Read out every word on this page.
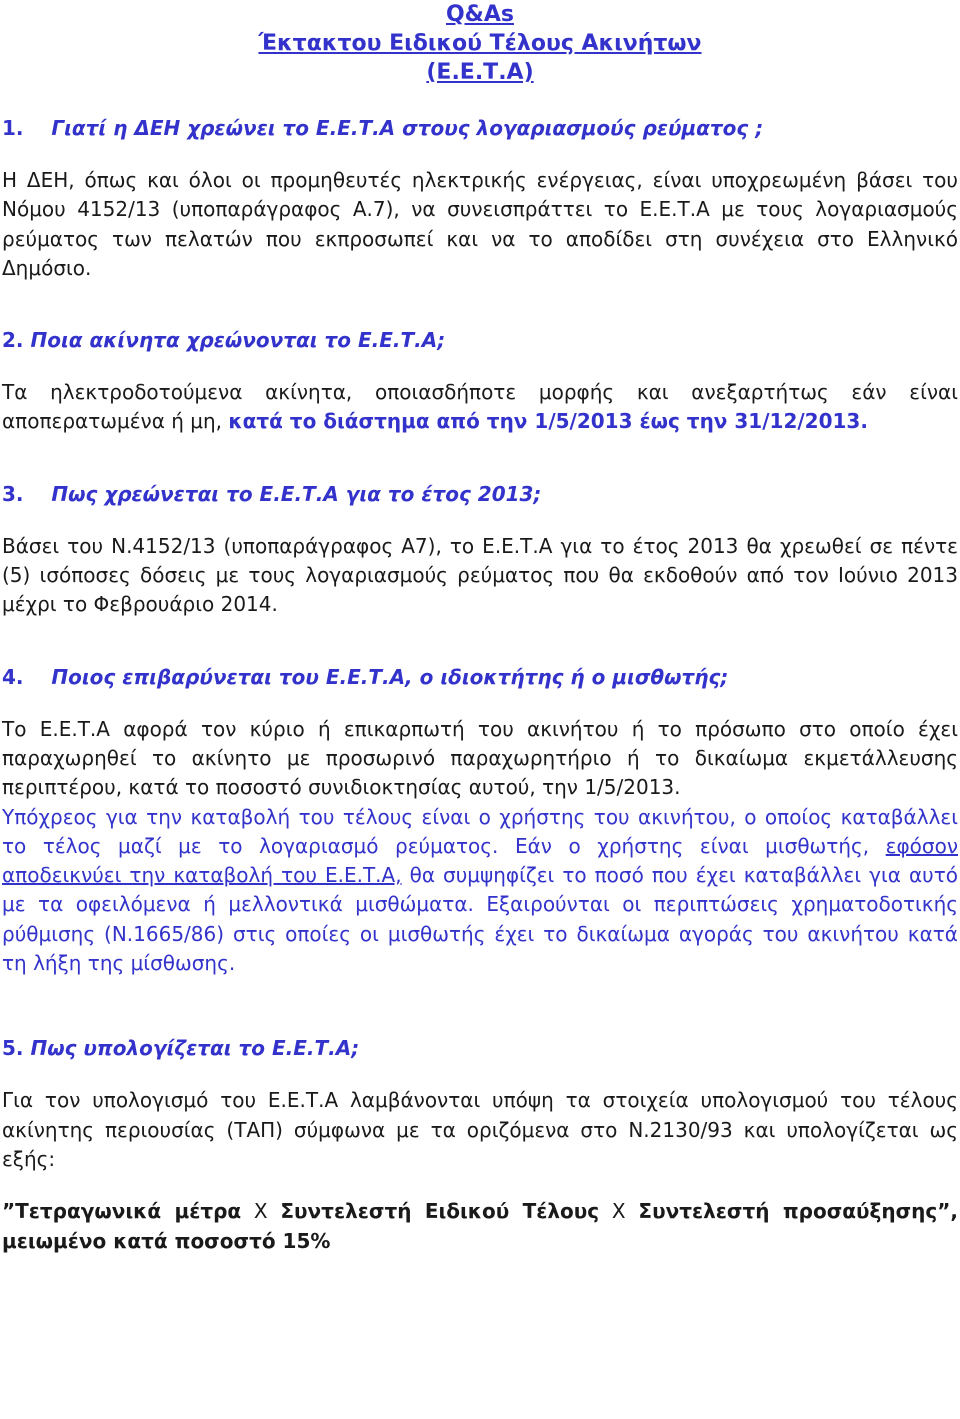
Q&As
Έκτακτου Ειδικού Τέλους Ακινήτων
(Ε.Ε.Τ.Α)
1. Γιατί η ΔΕΗ χρεώνει το Ε.Ε.Τ.Α στους λογαριασμούς ρεύματος ;

Η ΔΕΗ, όπως και όλοι οι προμηθευτές ηλεκτρικής ενέργειας, είναι υποχρεωμένη βάσει του Νόμου 4152/13 (υποπαράγραφος Α.7), να συνεισπράττει το Ε.Ε.Τ.Α με τους λογαριασμούς ρεύματος των πελατών που εκπροσωπεί και να το αποδίδει στη συνέχεια στο Ελληνικό Δημόσιο.

2. Ποια ακίνητα χρεώνονται το Ε.Ε.Τ.Α;

Τα ηλεκτροδοτούμενα ακίνητα, οποιασδήποτε μορφής και ανεξαρτήτως εάν είναι αποπερατωμένα ή μη, κατά το διάστημα από την 1/5/2013 έως την 31/12/2013.

3. Πως χρεώνεται το Ε.Ε.Τ.Α για το έτος 2013;

Βάσει του Ν.4152/13 (υποπαράγραφος Α7), το Ε.Ε.Τ.Α για το έτος 2013 θα χρεωθεί σε πέντε (5) ισόποσες δόσεις με τους λογαριασμούς ρεύματος που θα εκδοθούν από τον Ιούνιο 2013 μέχρι το Φεβρουάριο 2014.

4. Ποιος επιβαρύνεται του Ε.Ε.Τ.Α, ο ιδιοκτήτης ή ο μισθωτής;

Το Ε.Ε.Τ.Α αφορά τον κύριο ή επικαρπωτή του ακινήτου ή το πρόσωπο στο οποίο έχει παραχωρηθεί το ακίνητο με προσωρινό παραχωρητήριο ή το δικαίωμα εκμετάλλευσης περιπτέρου, κατά το ποσοστό συνιδιοκτησίας αυτού, την 1/5/2013.

Υπόχρεος για την καταβολή του τέλους είναι ο χρήστης του ακινήτου, ο οποίος καταβάλλει το τέλος μαζί με το λογαριασμό ρεύματος. Εάν ο χρήστης είναι μισθωτής, εφόσον αποδεικνύει την καταβολή του Ε.Ε.Τ.Α, θα συμψηφίζει το ποσό που έχει καταβάλλει για αυτό με τα οφειλόμενα ή μελλοντικά μισθώματα. Εξαιρούνται οι περιπτώσεις χρηματοδοτικής ρύθμισης (Ν.1665/86) στις οποίες οι μισθωτής έχει το δικαίωμα αγοράς του ακινήτου κατά τη λήξη της μίσθωσης.

5. Πως υπολογίζεται το Ε.Ε.Τ.Α;

Για τον υπολογισμό του Ε.Ε.Τ.Α λαμβάνονται υπόψη τα στοιχεία υπολογισμού του τέλους ακίνητης περιουσίας (ΤΑΠ) σύμφωνα με τα οριζόμενα στο Ν.2130/93 και υπολογίζεται ως εξής:

”Τετραγωνικά μέτρα Χ Συντελεστή Ειδικού Τέλους Χ Συντελεστή προσαύξησης”, μειωμένο κατά ποσοστό 15%
